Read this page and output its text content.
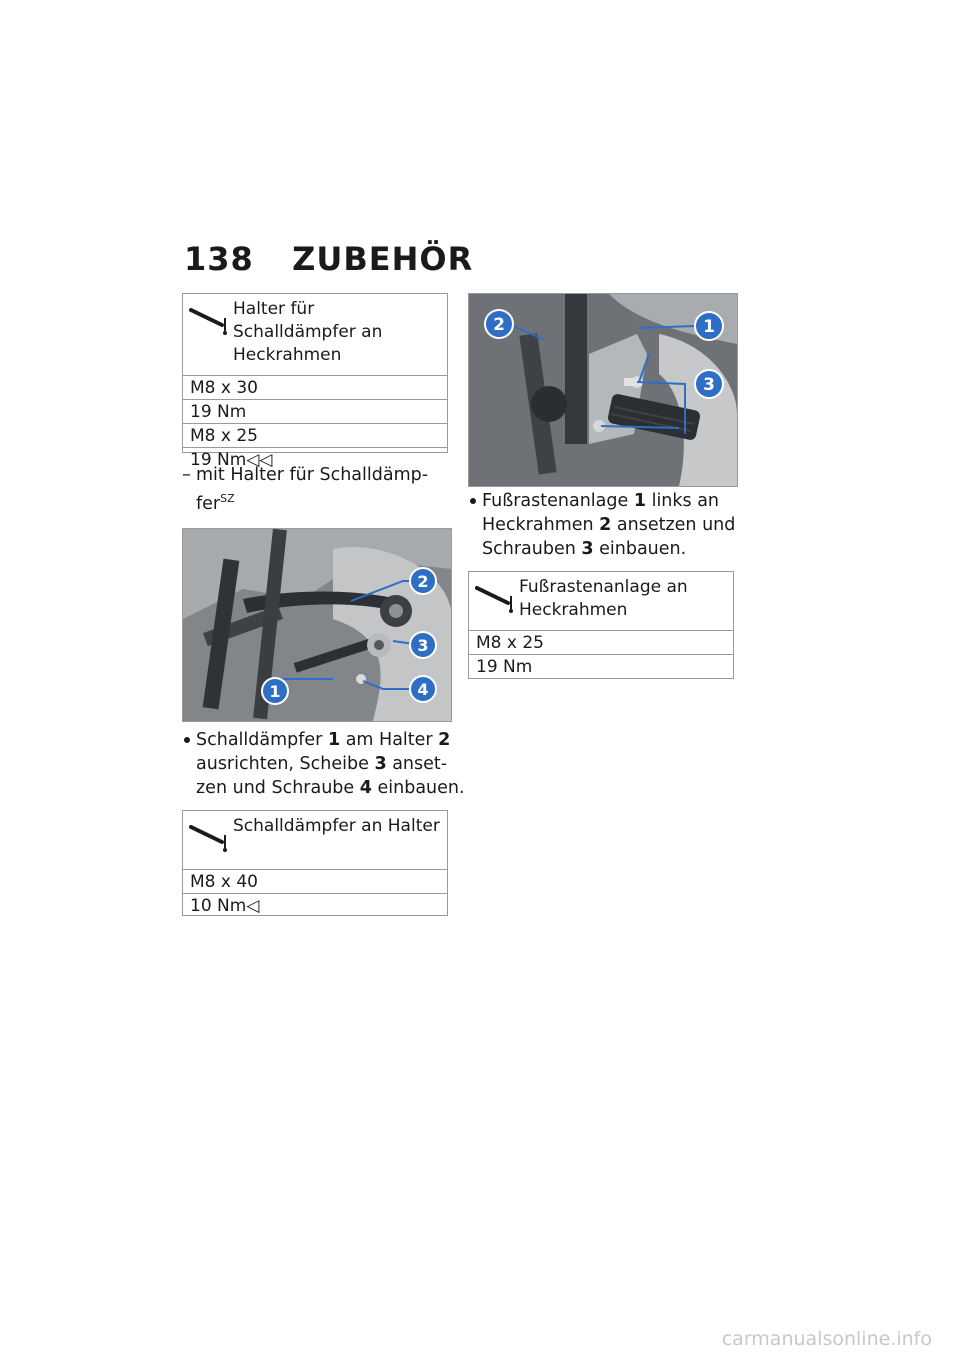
138 ZUBEHÖR
Halter für Schalldämpfer an Heckrahmen
M8 x 30
19 Nm
M8 x 25
19 Nm◁◁
– mit Halter für Schalldämp-fer$^{SZ}$
2
3
1	4
Schalldämpfer 1 am Halter 2 ausrichten, Scheibe 3 anset-zen und Schraube 4 einbauen.
Schalldämpfer an Halter
M8 x 40
10 Nm◁
2	1
3
Fußrastenanlage 1 links an Heckrahmen 2 ansetzen und Schrauben 3 einbauen.
Fußrastenanlage an Heckrahmen
M8 x 25
19 Nm
carmanualsonline.info
